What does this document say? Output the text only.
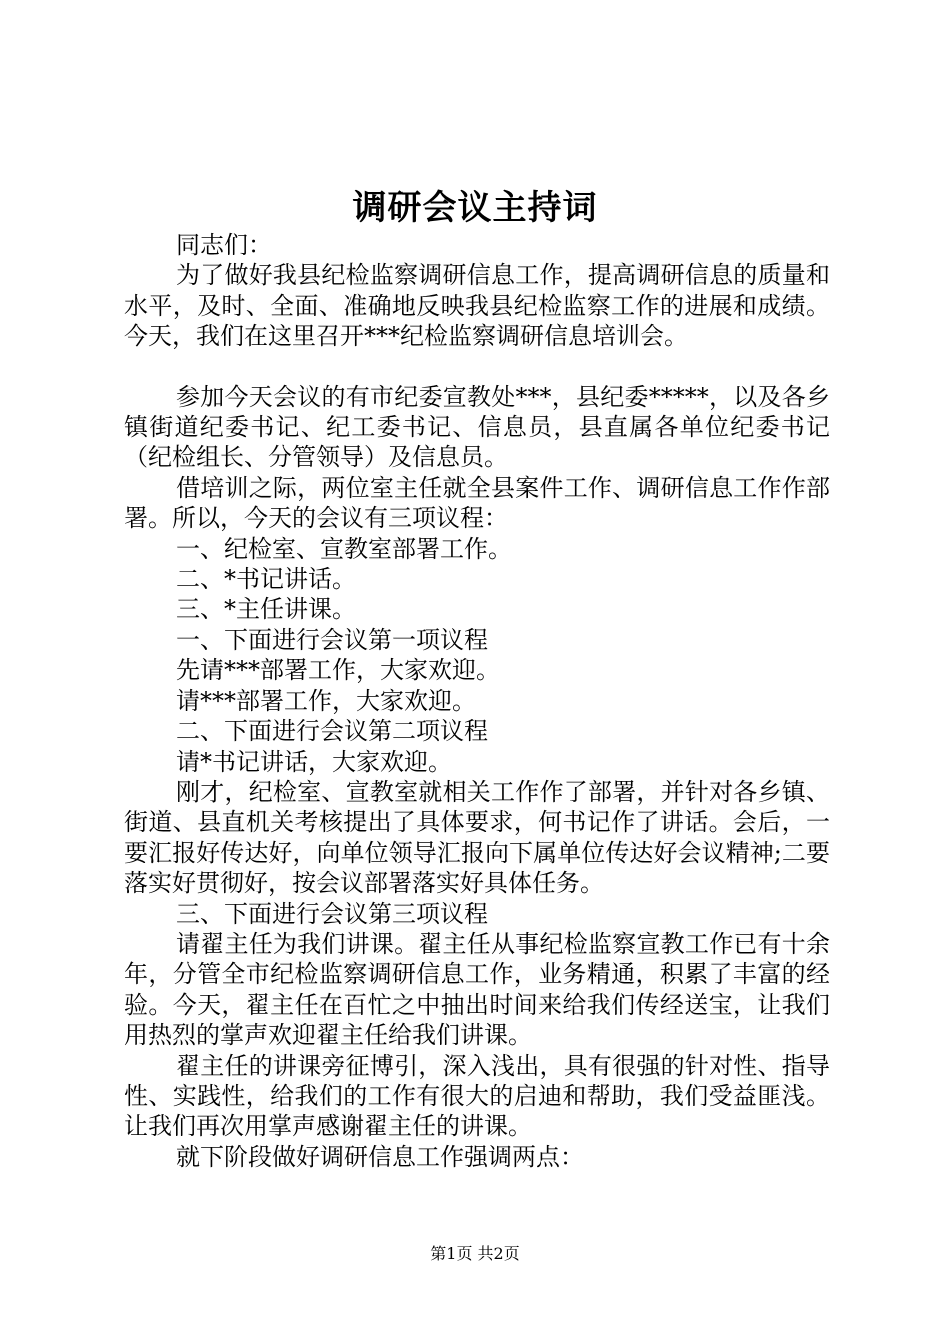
调研会议主持词

同志们：

为了做好我县纪检监察调研信息工作，提高调研信息的质量和水平，及时、全面、准确地反映我县纪检监察工作的进展和成绩。今天，我们在这里召开***纪检监察调研信息培训会。

参加今天会议的有市纪委宣教处***，县纪委*****，以及各乡镇街道纪委书记、纪工委书记、信息员，县直属各单位纪委书记（纪检组长、分管领导）及信息员。

借培训之际，两位室主任就全县案件工作、调研信息工作作部署。所以，今天的会议有三项议程：

一、纪检室、宣教室部署工作。

二、*书记讲话。

三、*主任讲课。

一、下面进行会议第一项议程

先请***部署工作，大家欢迎。

请***部署工作，大家欢迎。

二、下面进行会议第二项议程

请*书记讲话，大家欢迎。

刚才，纪检室、宣教室就相关工作作了部署，并针对各乡镇、街道、县直机关考核提出了具体要求，何书记作了讲话。会后，一要汇报好传达好，向单位领导汇报向下属单位传达好会议精神;二要落实好贯彻好，按会议部署落实好具体任务。

三、下面进行会议第三项议程

请翟主任为我们讲课。翟主任从事纪检监察宣教工作已有十余年，分管全市纪检监察调研信息工作，业务精通，积累了丰富的经验。今天，翟主任在百忙之中抽出时间来给我们传经送宝，让我们用热烈的掌声欢迎翟主任给我们讲课。

翟主任的讲课旁征博引，深入浅出，具有很强的针对性、指导性、实践性，给我们的工作有很大的启迪和帮助，我们受益匪浅。让我们再次用掌声感谢翟主任的讲课。

就下阶段做好调研信息工作强调两点：

第1页 共2页
